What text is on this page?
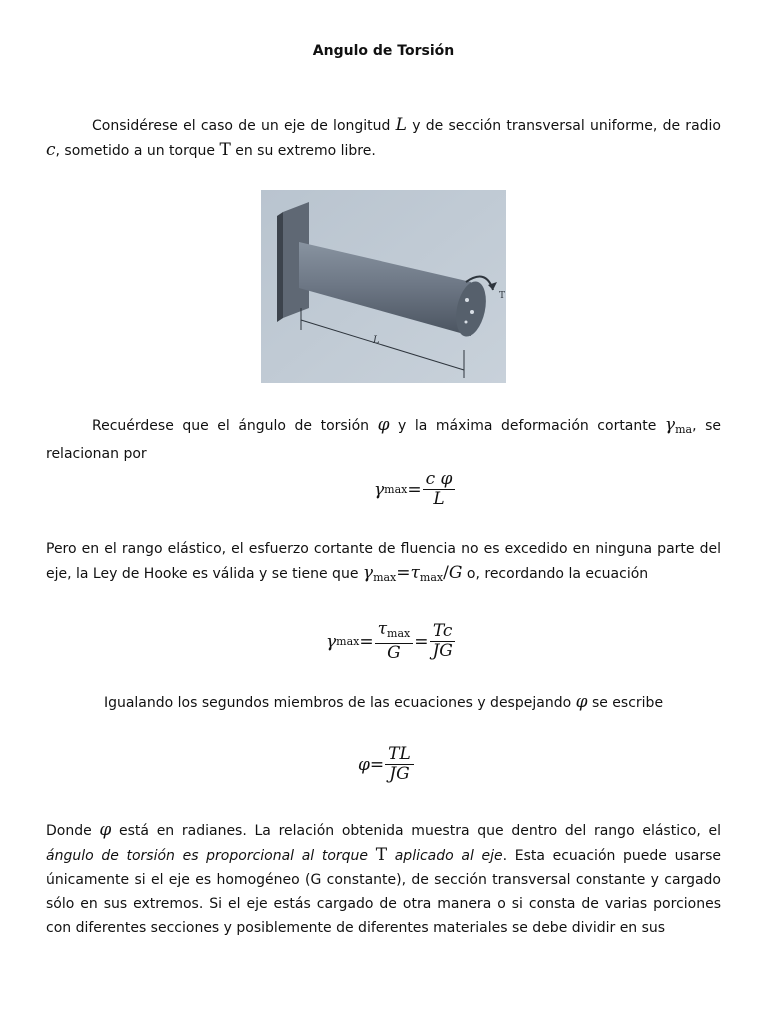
Angulo de Torsión

Considérese el caso de un eje de longitud L y de sección transversal uniforme, de radio c, sometido a un torque T en su extremo libre.

T
L

Recuérdese que el ángulo de torsión φ y la máxima deformación cortante $\gamma_{ma}$, se relacionan por

γ $\max = \frac{\text{c φ}}{L}$

Pero en el rango elástico, el esfuerzo cortante de fluencia no es excedido en ninguna parte del eje, la Ley de Hooke es válida y se tiene que $\gamma_{max}=\tau_{max}/G$ o, recordando la ecuación

γ $\max = \frac{\tau_{max}}{G} = \frac{Tc}{JG}$

Igualando los segundos miembros de las ecuaciones y despejando φ se escribe

$\varphi = \frac{TL}{JG}$

Donde φ está en radianes. La relación obtenida muestra que dentro del rango elástico, el ángulo de torsión es proporcional al torque T aplicado al eje. Esta ecuación puede usarse únicamente si el eje es homogéneo (G constante), de sección transversal constante y cargado sólo en sus extremos. Si el eje estás cargado de otra manera o si consta de varias porciones con diferentes secciones y posiblemente de diferentes materiales se debe dividir en sus
